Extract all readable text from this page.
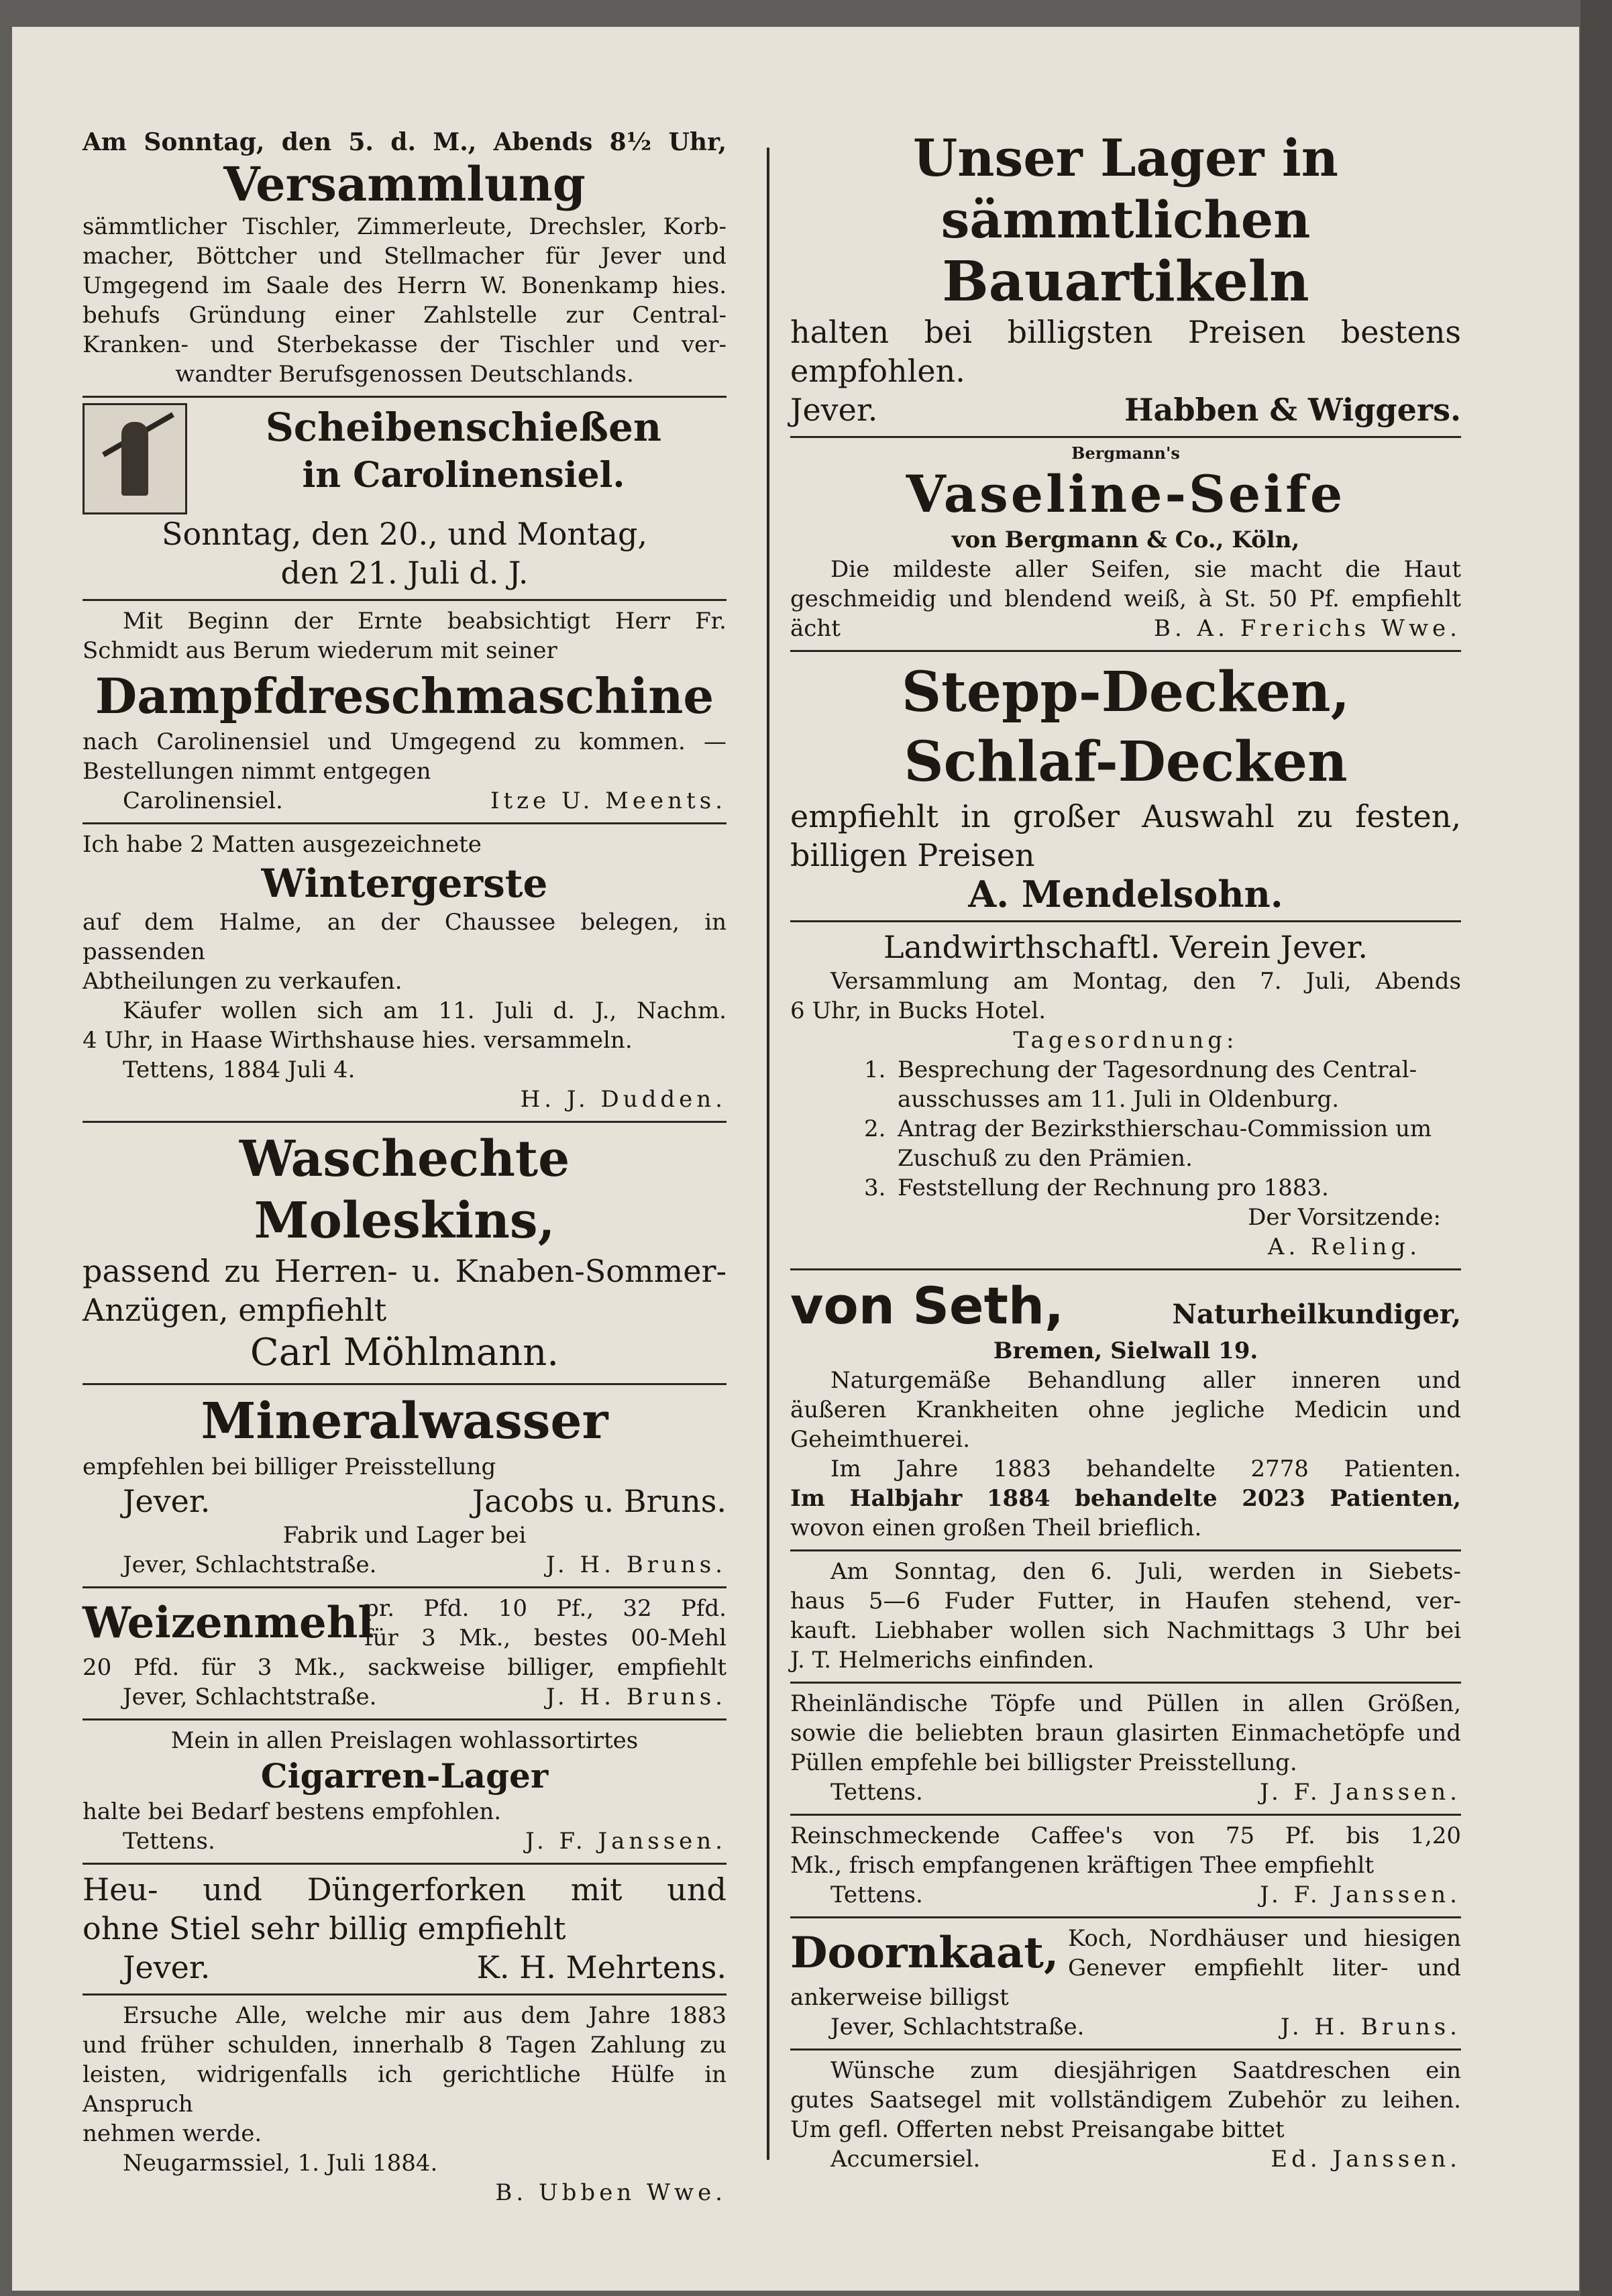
Am Sonntag, den 5. d. M., Abends 8½ Uhr,
Versammlung
sämmtlicher Tischler, Zimmerleute, Drechsler, Korb-
macher, Böttcher und Stellmacher für Jever und
Umgegend im Saale des Herrn W. Bonenkamp hies.
behufs Gründung einer Zahlstelle zur Central-
Kranken- und Sterbekasse der Tischler und ver-
wandter Berufsgenossen Deutschlands.
Scheibenschießen
in Carolinensiel.
Sonntag, den 20., und Montag,
den 21. Juli d. J.
Mit Beginn der Ernte beabsichtigt Herr Fr.
Schmidt aus Berum wiederum mit seiner
Dampfdreschmaschine
nach Carolinensiel und Umgegend zu kommen. —
Bestellungen nimmt entgegen
Carolinensiel.	Itze U. Meents.
Ich habe 2 Matten ausgezeichnete
Wintergerste
auf dem Halme, an der Chaussee belegen, in passenden
Abtheilungen zu verkaufen.
Käufer wollen sich am 11. Juli d. J., Nachm.
4 Uhr, in Haase Wirthshause hies. versammeln.
Tettens, 1884 Juli 4.
H. J. Dudden.
Waschechte Moleskins,
passend zu Herren- u. Knaben-Sommer-
Anzügen, empfiehlt
Carl Möhlmann.
Mineralwasser
empfehlen bei billiger Preisstellung
Jever.	Jacobs u. Bruns.
Fabrik und Lager bei
Jever, Schlachtstraße.	J. H. Bruns.
Weizenmehl
pr. Pfd. 10 Pf., 32 Pfd.
für 3 Mk., bestes 00-Mehl
20 Pfd. für 3 Mk., sackweise billiger, empfiehlt
Jever, Schlachtstraße.	J. H. Bruns.
Mein in allen Preislagen wohlassortirtes
Cigarren-Lager
halte bei Bedarf bestens empfohlen.
Tettens.	J. F. Janssen.
Heu- und Düngerforken mit und
ohne Stiel sehr billig empfiehlt
Jever.	K. H. Mehrtens.
Ersuche Alle, welche mir aus dem Jahre 1883
und früher schulden, innerhalb 8 Tagen Zahlung zu
leisten, widrigenfalls ich gerichtliche Hülfe in Anspruch
nehmen werde.
Neugarmssiel, 1. Juli 1884.
B. Ubben Wwe.
Unser Lager in sämmtlichen
Bauartikeln
halten bei billigsten Preisen bestens
empfohlen.
Jever.	Habben & Wiggers.
Bergmann's
Vaseline-Seife
von Bergmann & Co., Köln,
Die mildeste aller Seifen, sie macht die Haut
geschmeidig und blendend weiß, à St. 50 Pf. empfiehlt
ächt	B. A. Frerichs Wwe.
Stepp-Decken,
Schlaf-Decken
empfiehlt in großer Auswahl zu festen,
billigen Preisen
A. Mendelsohn.
Landwirthschaftl. Verein Jever.
Versammlung am Montag, den 7. Juli, Abends
6 Uhr, in Bucks Hotel.
Tagesordnung:
1. Besprechung der Tagesordnung des Central-
ausschusses am 11. Juli in Oldenburg.
2. Antrag der Bezirksthierschau-Commission um
Zuschuß zu den Prämien.
3. Feststellung der Rechnung pro 1883.
Der Vorsitzende:
A. Reling.
von Seth,	Naturheilkundiger,
Bremen, Sielwall 19.
Naturgemäße Behandlung aller inneren und
äußeren Krankheiten ohne jegliche Medicin und
Geheimthuerei.
Im Jahre 1883 behandelte 2778 Patienten.
Im Halbjahr 1884 behandelte 2023 Patienten,
wovon einen großen Theil brieflich.
Am Sonntag, den 6. Juli, werden in Siebets-
haus 5—6 Fuder Futter, in Haufen stehend, ver-
kauft. Liebhaber wollen sich Nachmittags 3 Uhr bei
J. T. Helmerichs einfinden.
Rheinländische Töpfe und Püllen in allen Größen,
sowie die beliebten braun glasirten Einmachetöpfe und
Püllen empfehle bei billigster Preisstellung.
Tettens.	J. F. Janssen.
Reinschmeckende Caffee's von 75 Pf. bis 1,20
Mk., frisch empfangenen kräftigen Thee empfiehlt
Tettens.	J. F. Janssen.
Doornkaat, Koch, Nordhäuser und hiesigen
Genever empfiehlt liter- und
ankerweise billigst
Jever, Schlachtstraße.	J. H. Bruns.
Wünsche zum diesjährigen Saatdreschen ein
gutes Saatsegel mit vollständigem Zubehör zu leihen.
Um gefl. Offerten nebst Preisangabe bittet
Accumersiel.	Ed. Janssen.
